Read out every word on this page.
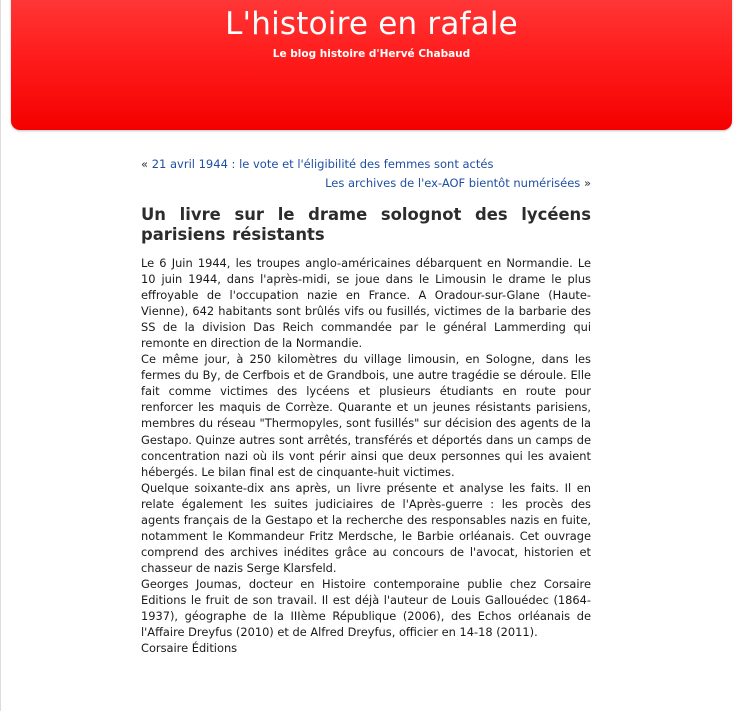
L'histoire en rafale
Le blog histoire d'Hervé Chabaud
« 21 avril 1944 : le vote et l'éligibilité des femmes sont actés
Les archives de l'ex-AOF bientôt numérisées »
Un livre sur le drame solognot des lycéens parisiens résistants

Le 6 Juin 1944, les troupes anglo-américaines débarquent en Normandie. Le 10 juin 1944, dans l'après-midi, se joue dans le Limousin le drame le plus effroyable de l'occupation nazie en France. A Oradour-sur-Glane (Haute-Vienne), 642 habitants sont brûlés vifs ou fusillés, victimes de la barbarie des SS de la division Das Reich commandée par le général Lammerding qui remonte en direction de la Normandie.

Ce même jour, à 250 kilomètres du village limousin, en Sologne, dans les fermes du By, de Cerfbois et de Grandbois, une autre tragédie se déroule. Elle fait comme victimes des lycéens et plusieurs étudiants en route pour renforcer les maquis de Corrèze. Quarante et un jeunes résistants parisiens, membres du réseau "Thermopyles, sont fusillés" sur décision des agents de la Gestapo. Quinze autres sont arrêtés, transférés et déportés dans un camps de concentration nazi où ils vont périr ainsi que deux personnes qui les avaient hébergés. Le bilan final est de cinquante-huit victimes.

Quelque soixante-dix ans après, un livre présente et analyse les faits. Il en relate également les suites judiciaires de l'Après-guerre : les procès des agents français de la Gestapo et la recherche des responsables nazis en fuite, notamment le Kommandeur Fritz Merdsche, le Barbie orléanais. Cet ouvrage comprend des archives inédites grâce au concours de l'avocat, historien et chasseur de nazis Serge Klarsfeld.

Georges Joumas, docteur en Histoire contemporaine publie chez Corsaire Editions le fruit de son travail. Il est déjà l'auteur de Louis Gallouédec (1864-1937), géographe de la IIIème République (2006), des Echos orléanais de l'Affaire Dreyfus (2010) et de Alfred Dreyfus, officier en 14-18 (2011).

Corsaire Éditions
